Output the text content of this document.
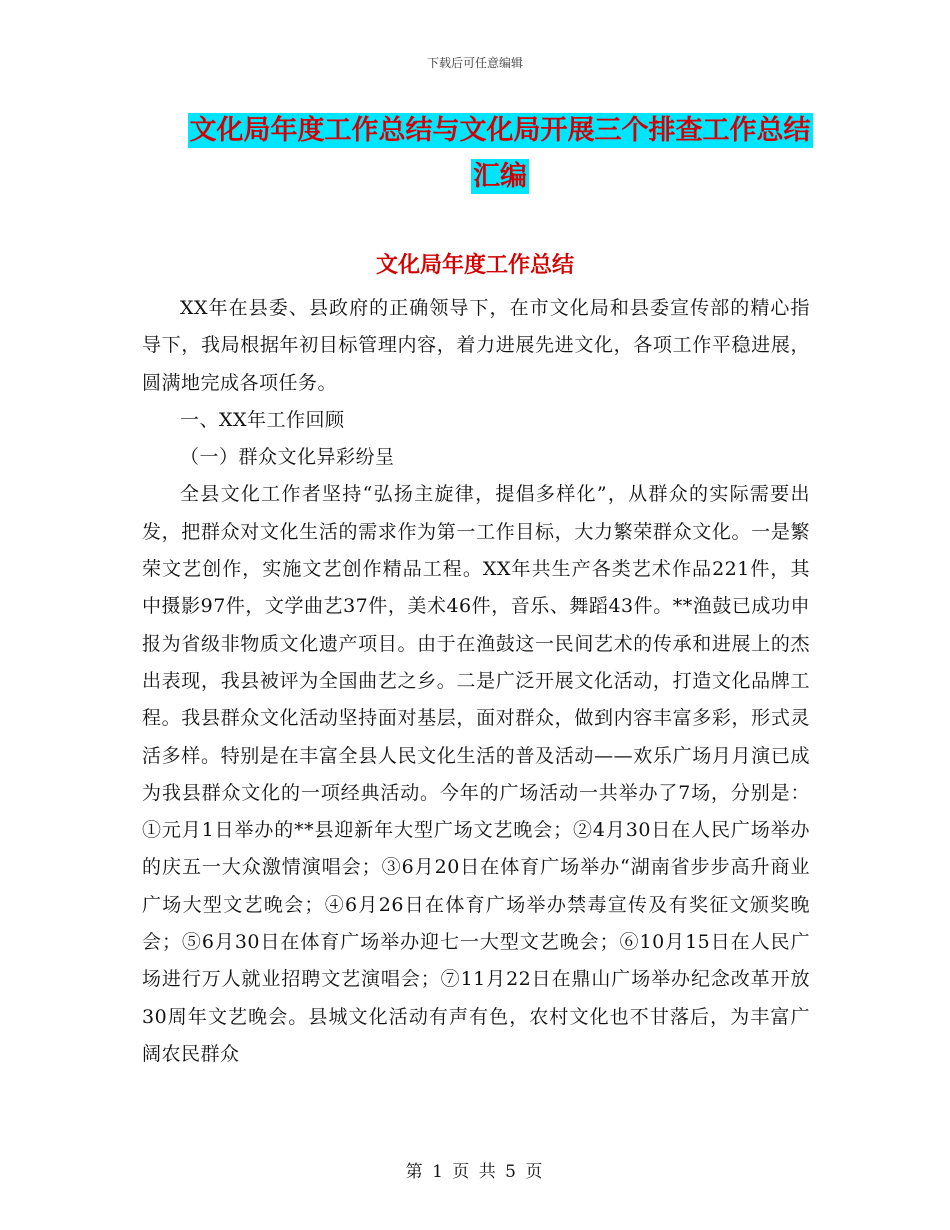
下载后可任意编辑
文化局年度工作总结与文化局开展三个排查工作总结
汇编
文化局年度工作总结

XX年在县委、县政府的正确领导下，在市文化局和县委宣传部的精心指导下，我局根据年初目标管理内容，着力进展先进文化，各项工作平稳进展，圆满地完成各项任务。

一、XX年工作回顾

（一）群众文化异彩纷呈

全县文化工作者坚持“弘扬主旋律，提倡多样化”，从群众的实际需要出发，把群众对文化生活的需求作为第一工作目标，大力繁荣群众文化。一是繁荣文艺创作，实施文艺创作精品工程。XX年共生产各类艺术作品221件，其中摄影97件，文学曲艺37件，美术46件，音乐、舞蹈43件。**渔鼓已成功申报为省级非物质文化遗产项目。由于在渔鼓这一民间艺术的传承和进展上的杰出表现，我县被评为全国曲艺之乡。二是广泛开展文化活动，打造文化品牌工程。我县群众文化活动坚持面对基层，面对群众，做到内容丰富多彩，形式灵活多样。特别是在丰富全县人民文化生活的普及活动——欢乐广场月月演已成为我县群众文化的一项经典活动。今年的广场活动一共举办了7场，分别是：①元月1日举办的**县迎新年大型广场文艺晚会；②4月30日在人民广场举办的庆五一大众激情演唱会；③6月20日在体育广场举办“湖南省步步高升商业广场大型文艺晚会；④6月26日在体育广场举办禁毒宣传及有奖征文颁奖晚会；⑤6月30日在体育广场举办迎七一大型文艺晚会；⑥10月15日在人民广场进行万人就业招聘文艺演唱会；⑦11月22日在鼎山广场举办纪念改革开放30周年文艺晚会。县城文化活动有声有色，农村文化也不甘落后，为丰富广阔农民群众

第 1 页 共 5 页
